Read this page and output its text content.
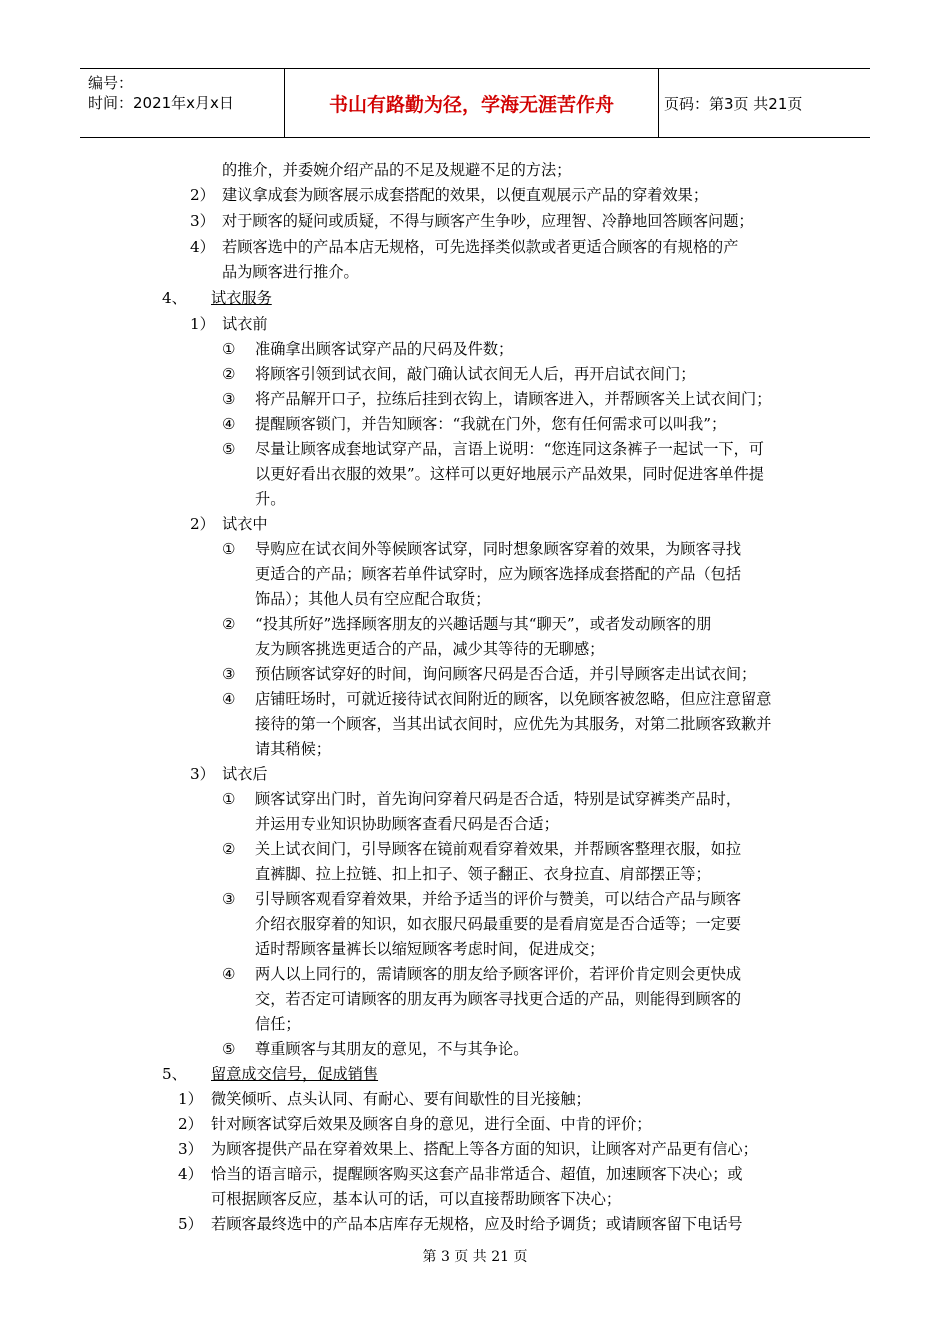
编号：
时间：2021年x月x日	书山有路勤为径，学海无涯苦作舟	页码：第3页 共21页
的推介，并委婉介绍产品的不足及规避不足的方法；
2） 建议拿成套为顾客展示成套搭配的效果，以便直观展示产品的穿着效果；
3） 对于顾客的疑问或质疑，不得与顾客产生争吵，应理智、冷静地回答顾客问题；
4） 若顾客选中的产品本店无规格，可先选择类似款或者更适合顾客的有规格的产
品为顾客进行推介。
4、 试衣服务
1） 试衣前
① 准确拿出顾客试穿产品的尺码及件数；
② 将顾客引领到试衣间，敲门确认试衣间无人后，再开启试衣间门；
③ 将产品解开口子，拉练后挂到衣钩上，请顾客进入，并帮顾客关上试衣间门；
④ 提醒顾客锁门，并告知顾客：“我就在门外，您有任何需求可以叫我”；
⑤ 尽量让顾客成套地试穿产品，言语上说明：“您连同这条裤子一起试一下，可
以更好看出衣服的效果”。这样可以更好地展示产品效果，同时促进客单件提
升。
2） 试衣中
① 导购应在试衣间外等候顾客试穿，同时想象顾客穿着的效果，为顾客寻找
更适合的产品；顾客若单件试穿时，应为顾客选择成套搭配的产品（包括
饰品）；其他人员有空应配合取货；
② “投其所好”选择顾客朋友的兴趣话题与其“聊天”，或者发动顾客的朋
友为顾客挑选更适合的产品，减少其等待的无聊感；
③ 预估顾客试穿好的时间，询问顾客尺码是否合适，并引导顾客走出试衣间；
④ 店铺旺场时，可就近接待试衣间附近的顾客，以免顾客被忽略，但应注意留意
接待的第一个顾客，当其出试衣间时，应优先为其服务，对第二批顾客致歉并
请其稍候；
3） 试衣后
① 顾客试穿出门时，首先询问穿着尺码是否合适，特别是试穿裤类产品时，
并运用专业知识协助顾客查看尺码是否合适；
② 关上试衣间门，引导顾客在镜前观看穿着效果，并帮顾客整理衣服，如拉
直裤脚、拉上拉链、扣上扣子、领子翻正、衣身拉直、肩部摆正等；
③ 引导顾客观看穿着效果，并给予适当的评价与赞美，可以结合产品与顾客
介绍衣服穿着的知识，如衣服尺码最重要的是看肩宽是否合适等；一定要
适时帮顾客量裤长以缩短顾客考虑时间，促进成交；
④ 两人以上同行的，需请顾客的朋友给予顾客评价，若评价肯定则会更快成
交，若否定可请顾客的朋友再为顾客寻找更合适的产品，则能得到顾客的
信任；
⑤ 尊重顾客与其朋友的意见，不与其争论。
5、 留意成交信号，促成销售
1） 微笑倾听、点头认同、有耐心、要有间歇性的目光接触；
2） 针对顾客试穿后效果及顾客自身的意见，进行全面、中肯的评价；
3） 为顾客提供产品在穿着效果上、搭配上等各方面的知识，让顾客对产品更有信心；
4） 恰当的语言暗示，提醒顾客购买这套产品非常适合、超值，加速顾客下决心；或
可根据顾客反应，基本认可的话，可以直接帮助顾客下决心；
5） 若顾客最终选中的产品本店库存无规格，应及时给予调货；或请顾客留下电话号
第 3 页 共 21 页
